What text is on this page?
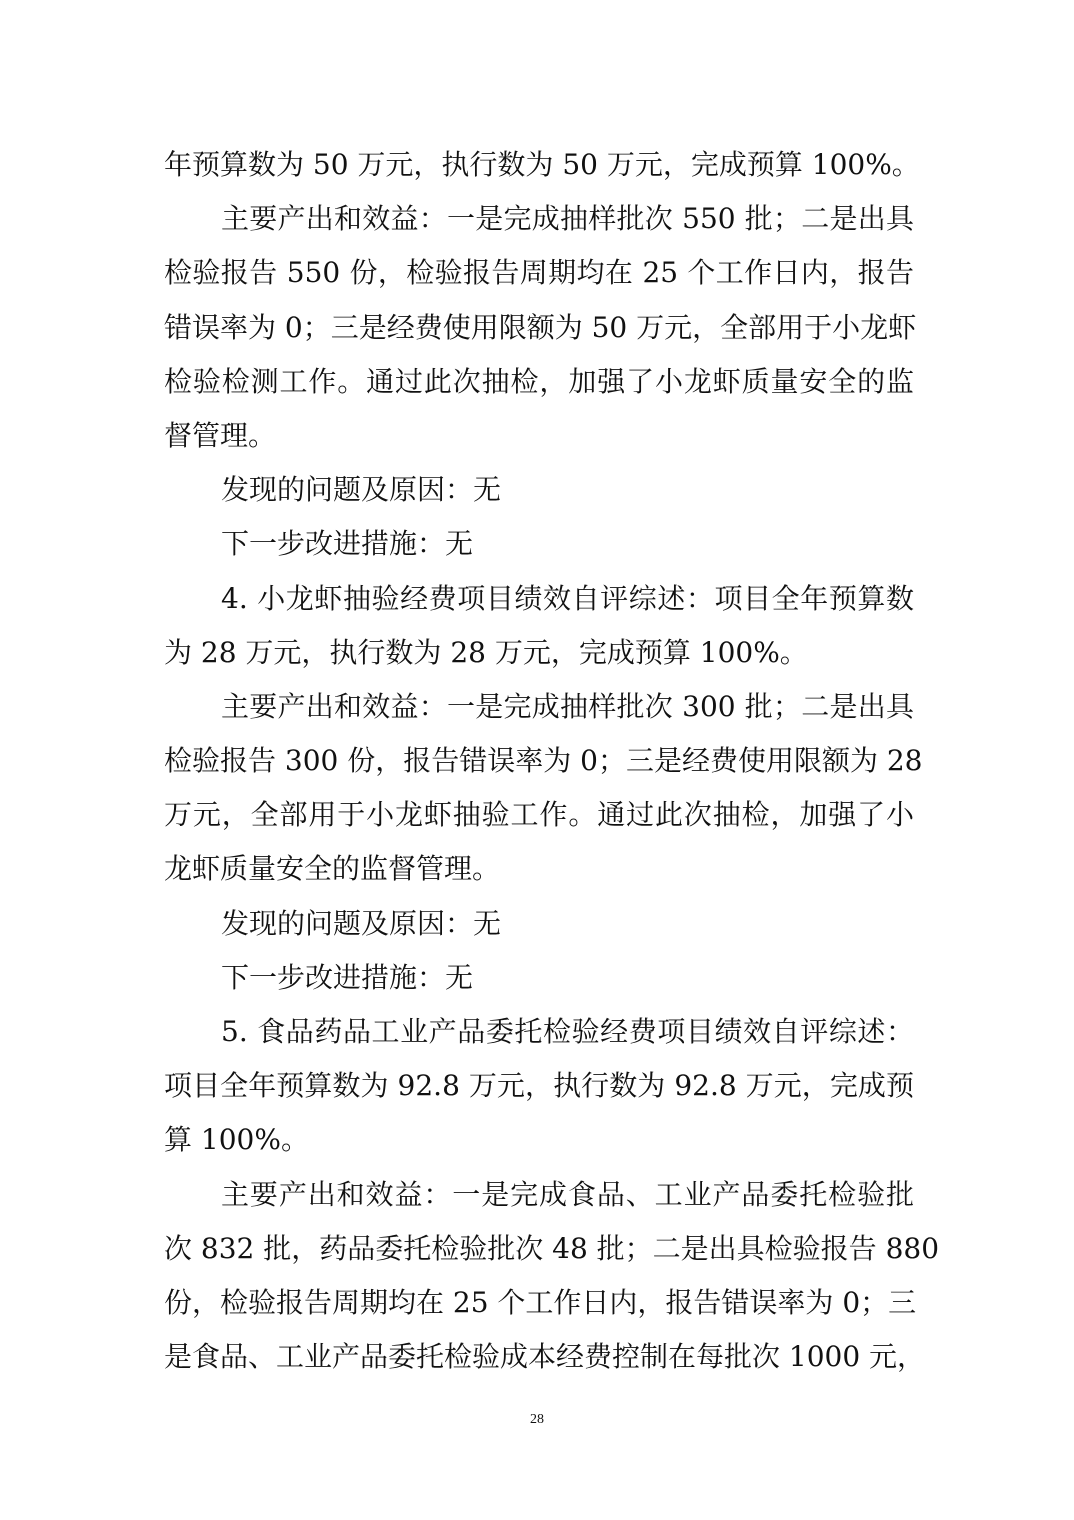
年预算数为 50 万元，执行数为 50 万元，完成预算 100%。
主要产出和效益：一是完成抽样批次 550 批；二是出具
检验报告 550 份，检验报告周期均在 25 个工作日内，报告
错误率为 0；三是经费使用限额为 50 万元，全部用于小龙虾
检验检测工作。通过此次抽检，加强了小龙虾质量安全的监
督管理。
发现的问题及原因：无
下一步改进措施：无
4. 小龙虾抽验经费项目绩效自评综述：项目全年预算数
为 28 万元，执行数为 28 万元，完成预算 100%。
主要产出和效益：一是完成抽样批次 300 批；二是出具
检验报告 300 份，报告错误率为 0；三是经费使用限额为 28
万元，全部用于小龙虾抽验工作。通过此次抽检，加强了小
龙虾质量安全的监督管理。
发现的问题及原因：无
下一步改进措施：无
5. 食品药品工业产品委托检验经费项目绩效自评综述：
项目全年预算数为 92.8 万元，执行数为 92.8 万元，完成预
算 100%。
主要产出和效益：一是完成食品、工业产品委托检验批
次 832 批，药品委托检验批次 48 批；二是出具检验报告 880
份，检验报告周期均在 25 个工作日内，报告错误率为 0；三
是食品、工业产品委托检验成本经费控制在每批次 1000 元，
28
